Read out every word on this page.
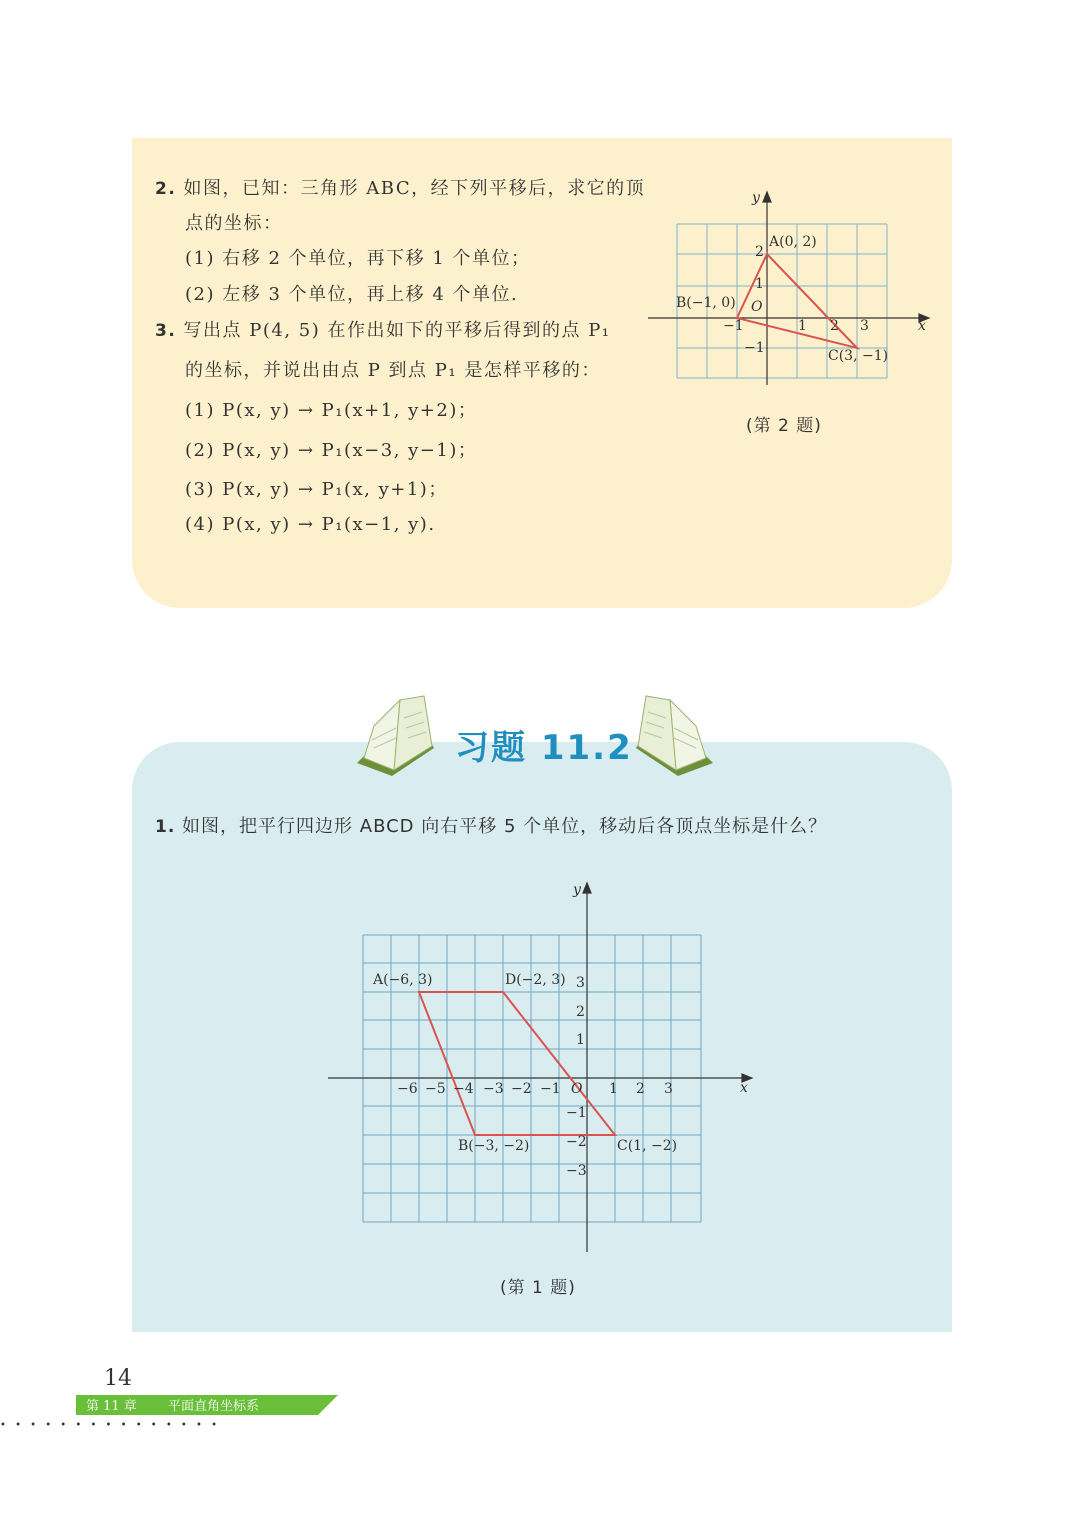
2. 如图，已知：三角形 ABC，经下列平移后，求它的顶
点的坐标：
(1) 右移 2 个单位，再下移 1 个单位；
(2) 左移 3 个单位，再上移 4 个单位.
3. 写出点 P(4, 5) 在作出如下的平移后得到的点 P₁
的坐标，并说出由点 P 到点 P₁ 是怎样平移的：
(1) P(x, y) → P₁(x+1, y+2)；
(2) P(x, y) → P₁(x−3, y−1)；
(3) P(x, y) → P₁(x, y+1)；
(4) P(x, y) → P₁(x−1, y).
y
x
O
A(0, 2)
B(−1, 0)
C(3, −1)
−1	1 2 3
2
1
−1
(第 2 题)
习题 11.2
1. 如图，把平行四边形 ABCD 向右平移 5 个单位，移动后各顶点坐标是什么？
y
x
O
A(−6, 3)	D(−2, 3)
B(−3, −2)	C(1, −2)
−6 −5 −4 −3 −2 −1	1 2 3
3
2
1
−1
−2
−3
(第 1 题)
14
第 11 章 平面直角坐标系
• • • • • • • • • • • • • • •
